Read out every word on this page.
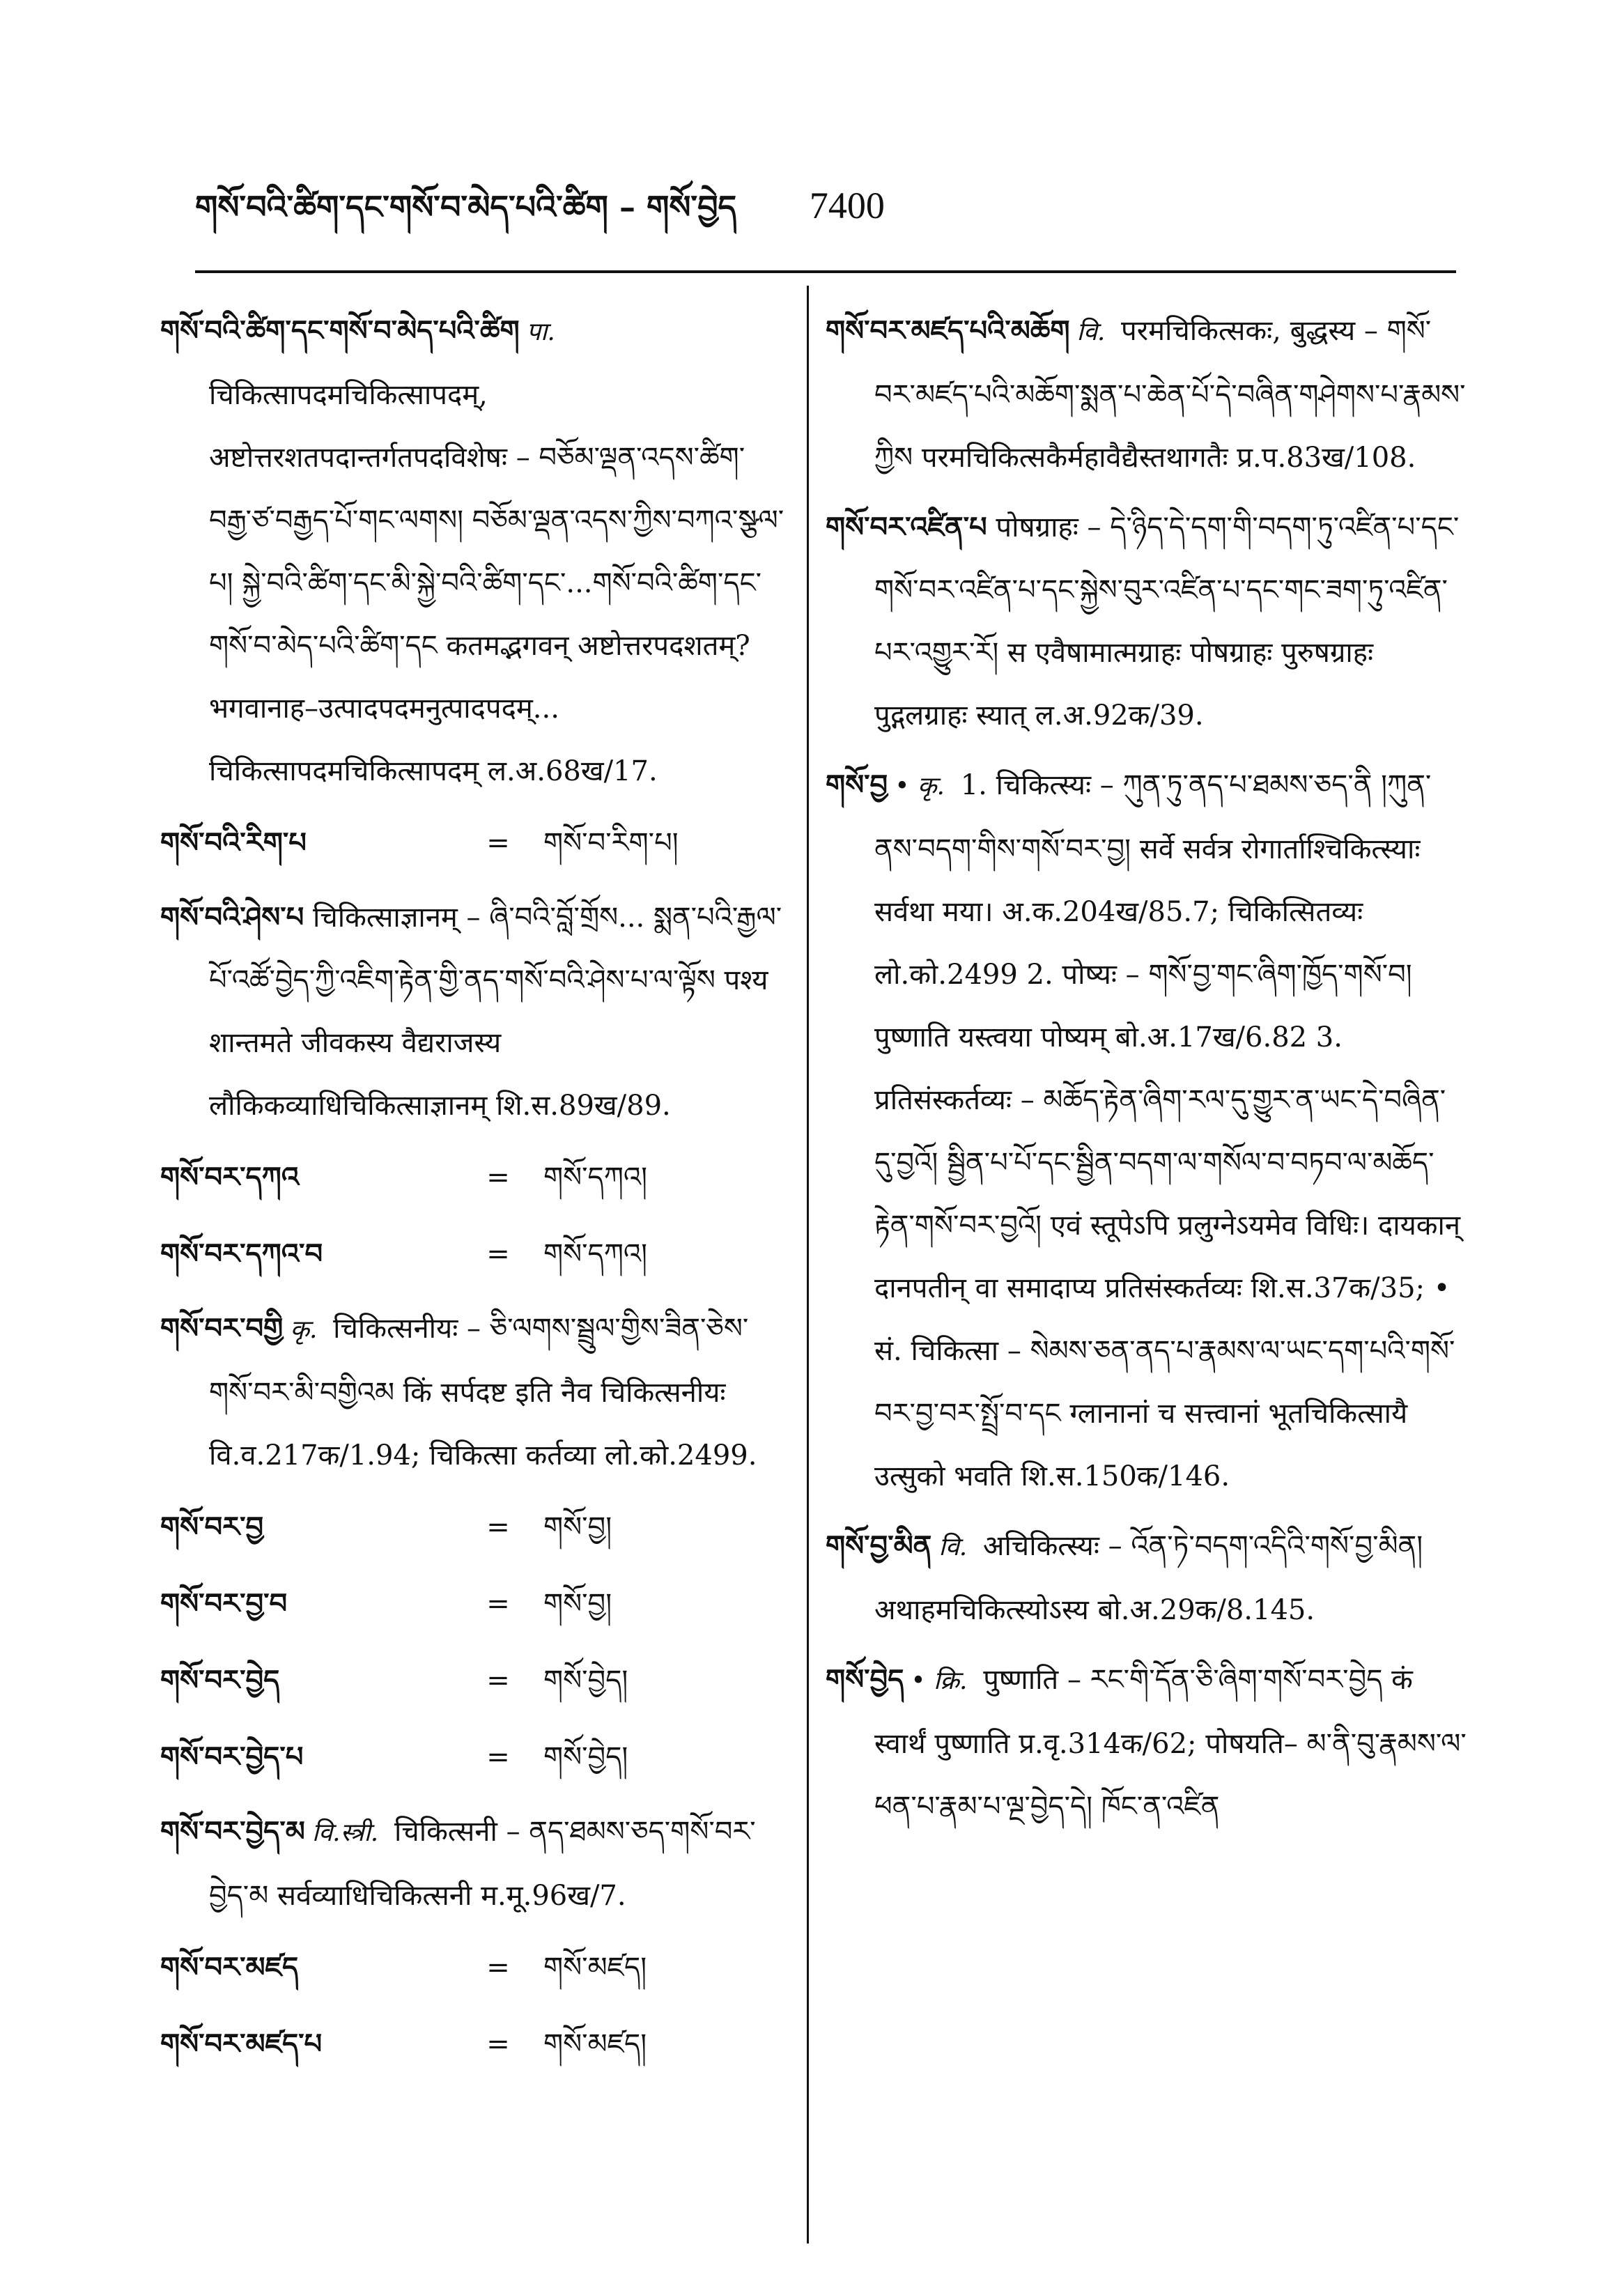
གསོ་བའི་ཚིག་དང་གསོ་བ་མེད་པའི་ཚིག – གསོ་བྱེད 7400

གསོ་བའི་ཚིག་དང་གསོ་བ་མེད་པའི་ཚིག पा. चिकित्सापदमचिकित्सापदम्, अष्टोत्तरशतपदान्तर्गतपदविशेषः – བཅོམ་ལྡན་འདས་ཚིག་བརྒྱ་ཙ་བརྒྱད་པོ་གང་ལགས། བཅོམ་ལྡན་འདས་ཀྱིས་བཀའ་སྩལ་པ། སྐྱེ་བའི་ཚིག་དང་མི་སྐྱེ་བའི་ཚིག་དང་...གསོ་བའི་ཚིག་དང་གསོ་བ་མེད་པའི་ཚིག་དང कतमद्भगवन् अष्टोत्तरपदशतम्? भगवानाह–उत्पादपदमनुत्पादपदम्... चिकित्सापदमचिकित्सापदम् ल.अ.68ख/17.

གསོ་བའི་རིག་པ	=	གསོ་བ་རིག་པ།

གསོ་བའི་ཤེས་པ चिकित्साज्ञानम् – ཞི་བའི་བློ་གྲོས... སྨན་པའི་རྒྱལ་པོ་འཚོ་བྱེད་ཀྱི་འཇིག་རྟེན་གྱི་ནད་གསོ་བའི་ཤེས་པ་ལ་ལྟོས पश्य शान्तमते जीवकस्य वैद्यराजस्य लौकिकव्याधिचिकित्साज्ञानम् शि.स.89ख/89.

གསོ་བར་དཀའ	=	གསོ་དཀའ།
གསོ་བར་དཀའ་བ	=	གསོ་དཀའ།

གསོ་བར་བགྱི कृ. चिकित्सनीयः – ཅི་ལགས་སྦྲུལ་གྱིས་ཟིན་ཅེས་གསོ་བར་མི་བགྱིའམ किं सर्पदष्ट इति नैव चिकित्सनीयः वि.व.217क/1.94; चिकित्सा कर्तव्या लो.को.2499.

གསོ་བར་བྱ	=	གསོ་བྱ།
གསོ་བར་བྱ་བ	=	གསོ་བྱ།
གསོ་བར་བྱེད	=	གསོ་བྱེད།
གསོ་བར་བྱེད་པ	=	གསོ་བྱེད།

གསོ་བར་བྱེད་མ वि.स्त्री. चिकित्सनी – ནད་ཐམས་ཅད་གསོ་བར་བྱེད་མ सर्वव्याधिचिकित्सनी म.मू.96ख/7.

གསོ་བར་མཛད	=	གསོ་མཛད།
གསོ་བར་མཛད་པ	=	གསོ་མཛད།

གསོ་བར་མཛད་པའི་མཆོག वि. परमचिकित्सकः, बुद्धस्य – གསོ་བར་མཛད་པའི་མཆོག་སྨན་པ་ཆེན་པོ་དེ་བཞིན་གཤེགས་པ་རྣམས་ཀྱིས परमचिकित्सकैर्महावैद्यैस्तथागतैः प्र.प.83ख/108.

གསོ་བར་འཛིན་པ पोषग्राहः – དེ་ཉིད་དེ་དག་གི་བདག་ཏུ་འཛིན་པ་དང་གསོ་བར་འཛིན་པ་དང་སྐྱེས་བུར་འཛིན་པ་དང་གང་ཟག་ཏུ་འཛིན་པར་འགྱུར་རོ། स एवैषामात्मग्राहः पोषग्राहः पुरुषग्राहः पुद्गलग्राहः स्यात् ल.अ.92क/39.

གསོ་བྱ • कृ. 1. चिकित्स्यः – ཀུན་ཏུ་ནད་པ་ཐམས་ཅད་ནི །ཀུན་ནས་བདག་གིས་གསོ་བར་བྱ། सर्वे सर्वत्र रोगार्ताश्चिकित्स्याः सर्वथा मया। अ.क.204ख/85.7; चिकित्सितव्यः लो.को.2499 2. पोष्यः – གསོ་བྱ་གང་ཞིག་ཁྱོད་གསོ་བ། पुष्णाति यस्त्वया पोष्यम् बो.अ.17ख/6.82 3. प्रतिसंस्कर्तव्यः – མཆོད་རྟེན་ཞིག་རལ་དུ་གྱུར་ན་ཡང་དེ་བཞིན་དུ་བྱའོ། སྦྱིན་པ་པོ་དང་སྦྱིན་བདག་ལ་གསོལ་བ་བཏབ་ལ་མཆོད་རྟེན་གསོ་བར་བྱའོ། एवं स्तूपेऽपि प्रलुग्नेऽयमेव विधिः। दायकान् दानपतीन् वा समादाप्य प्रतिसंस्कर्तव्यः शि.स.37क/35; • सं. चिकित्सा – སེམས་ཅན་ནད་པ་རྣམས་ལ་ཡང་དག་པའི་གསོ་བར་བྱ་བར་སྤྲོ་བ་དང ग्लानानां च सत्त्वानां भूतचिकित्सायै उत्सुको भवति शि.स.150क/146.

གསོ་བྱ་མིན वि. अचिकित्स्यः – འོན་ཏེ་བདག་འདིའི་གསོ་བྱ་མིན། अथाहमचिकित्स्योऽस्य बो.अ.29क/8.145.

གསོ་བྱེད • क्रि. पुष्णाति – རང་གི་དོན་ཅི་ཞིག་གསོ་བར་བྱེད कं स्वार्थं पुष्णाति प्र.वृ.314क/62; पोषयति– མ་ནི་བུ་རྣམས་ལ་ཕན་པ་རྣམ་པ་ལྔ་བྱེད་དེ། ཁོང་ན་འཛིན
